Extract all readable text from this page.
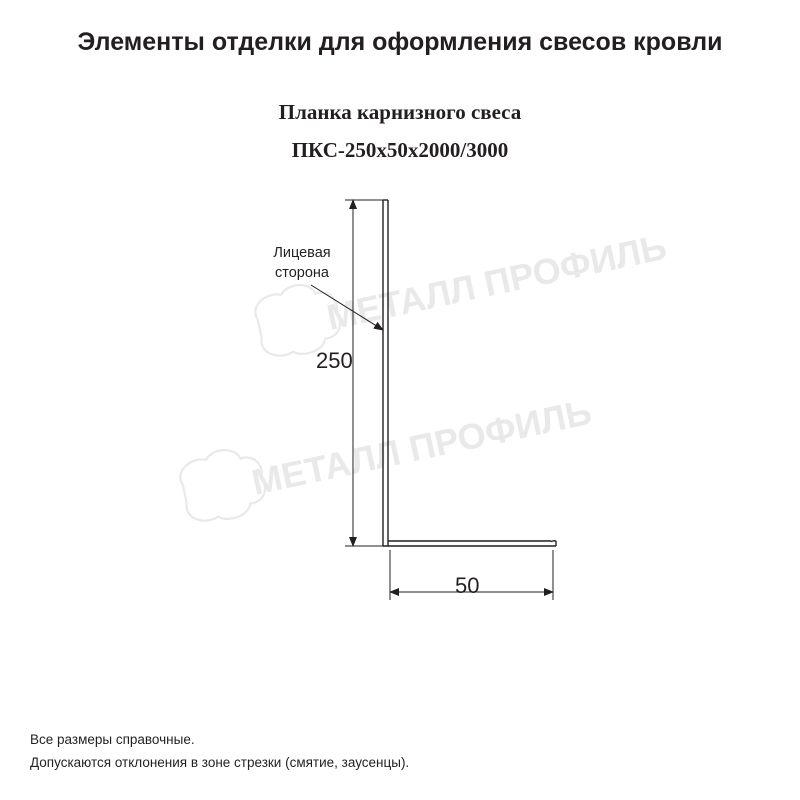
Элементы отделки для оформления свесов кровли
Планка карнизного свеса
ПКС-250x50x2000/3000
МЕТАЛЛ ПРОФИЛЬ
МЕТАЛЛ ПРОФИЛЬ
Лицевая
сторона
250
50
Все размеры справочные.
Допускаются отклонения в зоне стрезки (смятие, заусенцы).
